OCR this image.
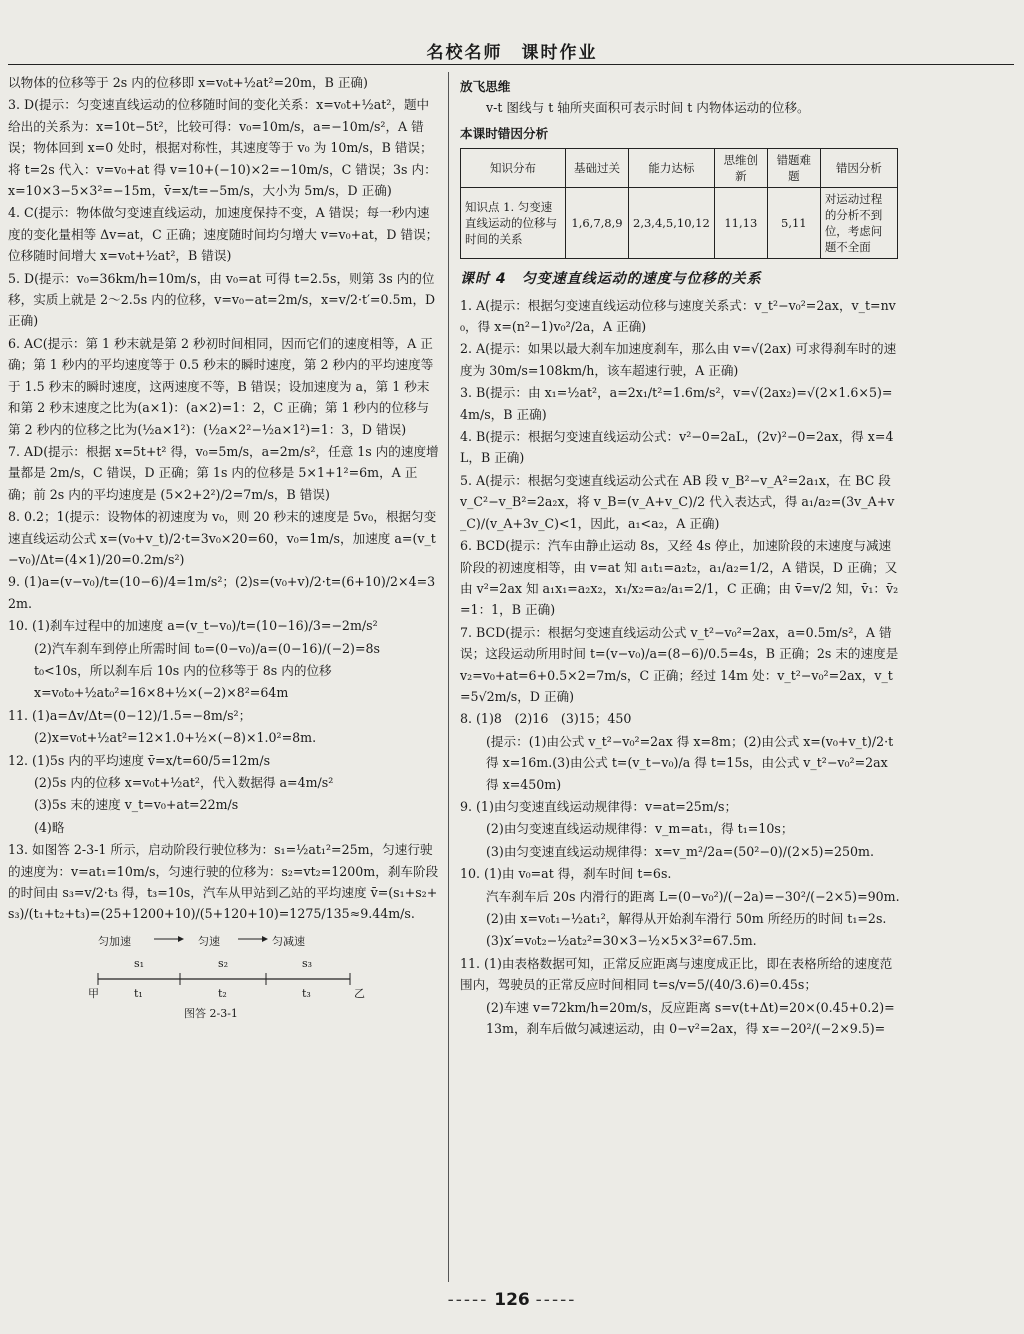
名校名师　课时作业

以物体的位移等于 2s 内的位移即 x=v₀t+½at²=20m，B 正确)

3. D(提示：匀变速直线运动的位移随时间的变化关系：x=v₀t+½at²，题中给出的关系为：x=10t−5t²，比较可得：v₀=10m/s，a=−10m/s²，A 错误；物体回到 x=0 处时，根据对称性，其速度等于 v₀ 为 10m/s，B 错误；将 t=2s 代入：v=v₀+at 得 v=10+(−10)×2=−10m/s，C 错误；3s 内：x=10×3−5×3²=−15m，v̄=x/t=−5m/s，大小为 5m/s，D 正确)

4. C(提示：物体做匀变速直线运动，加速度保持不变，A 错误；每一秒内速度的变化量相等 Δv=at，C 正确；速度随时间均匀增大 v=v₀+at，D 错误；位移随时间增大 x=v₀t+½at²，B 错误)

5. D(提示：v₀=36km/h=10m/s，由 v₀=at 可得 t=2.5s，则第 3s 内的位移，实质上就是 2～2.5s 内的位移，v=v₀−at=2m/s，x=v/2·t′=0.5m，D 正确)

6. AC(提示：第 1 秒末就是第 2 秒初时间相同，因而它们的速度相等，A 正确；第 1 秒内的平均速度等于 0.5 秒末的瞬时速度，第 2 秒内的平均速度等于 1.5 秒末的瞬时速度，这两速度不等，B 错误；设加速度为 a，第 1 秒末和第 2 秒末速度之比为(a×1)：(a×2)=1：2，C 正确；第 1 秒内的位移与第 2 秒内的位移之比为(½a×1²)：(½a×2²−½a×1²)=1：3，D 错误)

7. AD(提示：根据 x=5t+t² 得，v₀=5m/s，a=2m/s²，任意 1s 内的速度增量都是 2m/s，C 错误，D 正确；第 1s 内的位移是 5×1+1²=6m，A 正确；前 2s 内的平均速度是 (5×2+2²)/2=7m/s，B 错误)

8. 0.2；1(提示：设物体的初速度为 v₀，则 20 秒末的速度是 5v₀，根据匀变速直线运动公式 x=(v₀+v_t)/2·t=3v₀×20=60，v₀=1m/s，加速度 a=(v_t−v₀)/Δt=(4×1)/20=0.2m/s²)

9. (1)a=(v−v₀)/t=(10−6)/4=1m/s²；(2)s=(v₀+v)/2·t=(6+10)/2×4=32m.

10. (1)刹车过程中的加速度 a=(v_t−v₀)/t=(10−16)/3=−2m/s²

(2)汽车刹车到停止所需时间 t₀=(0−v₀)/a=(0−16)/(−2)=8s

t₀<10s，所以刹车后 10s 内的位移等于 8s 内的位移

x=v₀t₀+½at₀²=16×8+½×(−2)×8²=64m

11. (1)a=Δv/Δt=(0−12)/1.5=−8m/s²；

(2)x=v₀t+½at²=12×1.0+½×(−8)×1.0²=8m.

12. (1)5s 内的平均速度 v̄=x/t=60/5=12m/s

(2)5s 内的位移 x=v₀t+½at²，代入数据得 a=4m/s²

(3)5s 末的速度 v_t=v₀+at=22m/s

(4)略

13. 如图答 2-3-1 所示，启动阶段行驶位移为：s₁=½at₁²=25m，匀速行驶的速度为：v=at₁=10m/s，匀速行驶的位移为：s₂=vt₂=1200m，刹车阶段的时间由 s₃=v/2·t₃ 得，t₃=10s，汽车从甲站到乙站的平均速度 v̄=(s₁+s₂+s₃)/(t₁+t₂+t₃)=(25+1200+10)/(5+120+10)=1275/135≈9.44m/s.

匀加速	匀速	匀减速
s₁	s₂	s₃
甲	t₁	t₂	t₃	乙
图答 2-3-1
放飞思维

v-t 图线与 t 轴所夹面积可表示时间 t 内物体运动的位移。

本课时错因分析
知识分布	基础过关	能力达标	思维创新	错题难题	错因分析
知识点 1. 匀变速直线运动的位移与时间的关系	1,6,7,8,9	2,3,4,5,10,12	11,13	5,11	对运动过程的分析不到位，考虑问题不全面
课时 4　匀变速直线运动的速度与位移的关系

1. A(提示：根据匀变速直线运动位移与速度关系式：v_t²−v₀²=2ax，v_t=nv₀，得 x=(n²−1)v₀²/2a，A 正确)

2. A(提示：如果以最大刹车加速度刹车，那么由 v=√(2ax) 可求得刹车时的速度为 30m/s=108km/h，该车超速行驶，A 正确)

3. B(提示：由 x₁=½at²，a=2x₁/t²=1.6m/s²，v=√(2ax₂)=√(2×1.6×5)=4m/s，B 正确)

4. B(提示：根据匀变速直线运动公式：v²−0=2aL，(2v)²−0=2ax，得 x=4L，B 正确)

5. A(提示：根据匀变速直线运动公式在 AB 段 v_B²−v_A²=2a₁x，在 BC 段 v_C²−v_B²=2a₂x，将 v_B=(v_A+v_C)/2 代入表达式，得 a₁/a₂=(3v_A+v_C)/(v_A+3v_C)<1，因此，a₁<a₂，A 正确)

6. BCD(提示：汽车由静止运动 8s，又经 4s 停止，加速阶段的末速度与减速阶段的初速度相等，由 v=at 知 a₁t₁=a₂t₂，a₁/a₂=1/2，A 错误，D 正确；又由 v²=2ax 知 a₁x₁=a₂x₂，x₁/x₂=a₂/a₁=2/1，C 正确；由 v̄=v/2 知，v̄₁：v̄₂=1：1，B 正确)

7. BCD(提示：根据匀变速直线运动公式 v_t²−v₀²=2ax，a=0.5m/s²，A 错误；这段运动所用时间 t=(v−v₀)/a=(8−6)/0.5=4s，B 正确；2s 末的速度是 v₂=v₀+at=6+0.5×2=7m/s，C 正确；经过 14m 处：v_t²−v₀²=2ax，v_t=5√2m/s，D 正确)

8. (1)8　(2)16　(3)15；450

(提示：(1)由公式 v_t²−v₀²=2ax 得 x=8m；(2)由公式 x=(v₀+v_t)/2·t 得 x=16m.(3)由公式 t=(v_t−v₀)/a 得 t=15s，由公式 v_t²−v₀²=2ax 得 x=450m)

9. (1)由匀变速直线运动规律得：v=at=25m/s；

(2)由匀变速直线运动规律得：v_m=at₁，得 t₁=10s；

(3)由匀变速直线运动规律得：x=v_m²/2a=(50²−0)/(2×5)=250m.

10. (1)由 v₀=at 得，刹车时间 t=6s.

汽车刹车后 20s 内滑行的距离 L=(0−v₀²)/(−2a)=−30²/(−2×5)=90m.

(2)由 x=v₀t₁−½at₁²，解得从开始刹车滑行 50m 所经历的时间 t₁=2s.

(3)x′=v₀t₂−½at₂²=30×3−½×5×3²=67.5m.

11. (1)由表格数据可知，正常反应距离与速度成正比，即在表格所给的速度范围内，驾驶员的正常反应时间相同 t=s/v=5/(40/3.6)=0.45s；

(2)车速 v=72km/h=20m/s，反应距离 s=v(t+Δt)=20×(0.45+0.2)=13m，刹车后做匀减速运动，由 0−v²=2ax，得 x=−20²/(−2×9.5)=

----- 126 -----
